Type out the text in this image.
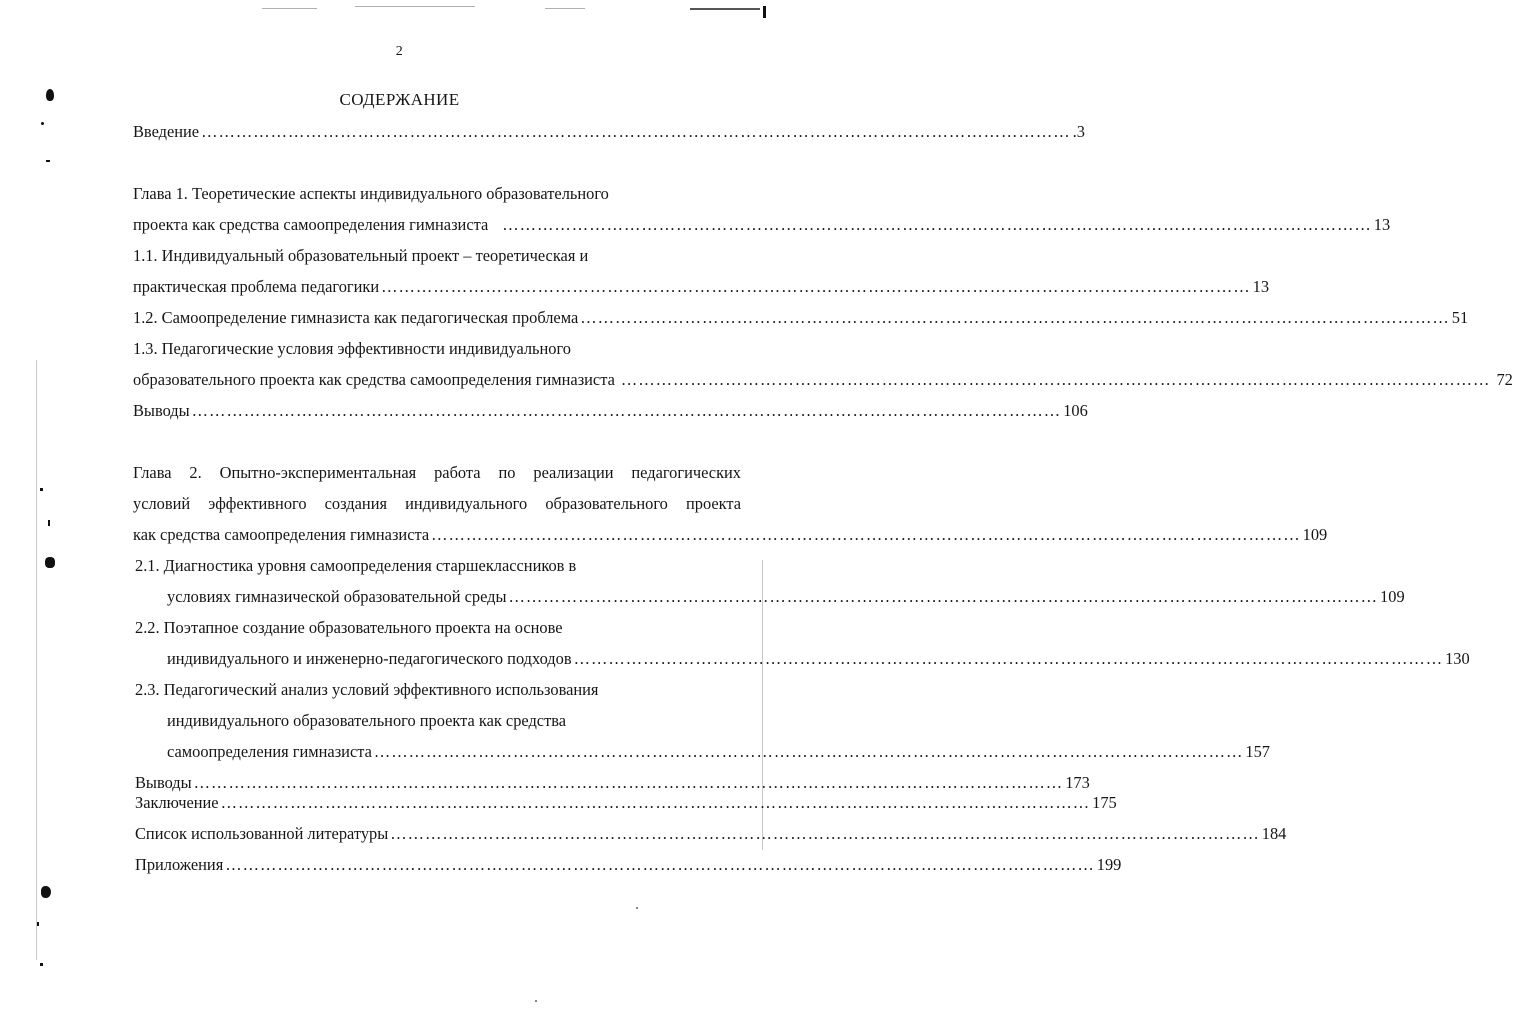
2
СОДЕРЖАНИЕ
Введение …………………………………………………………………………………………………………………………………… .3
Глава 1. Теоретические аспекты индивидуального образовательного
проекта как средства самоопределения гимназиста …………………………………………………………………………………………………………………………………… 13
1.1. Индивидуальный образовательный проект – теоретическая и
практическая проблема педагогики …………………………………………………………………………………………………………………………………… 13
1.2. Самоопределение гимназиста как педагогическая проблема …………………………………………………………………………………………………………………………………… 51
1.3. Педагогические условия эффективности индивидуального
образовательного проекта как средства самоопределения гимназиста …………………………………………………………………………………………………………………………………… 72
Выводы …………………………………………………………………………………………………………………………………… 106
Глава 2. Опытно-экспериментальная работа по реализации педагогических
условий эффективного создания индивидуального образовательного проекта
как средства самоопределения гимназиста …………………………………………………………………………………………………………………………………… 109
2.1. Диагностика уровня самоопределения старшеклассников в
условиях гимназической образовательной среды …………………………………………………………………………………………………………………………………… 109
2.2. Поэтапное создание образовательного проекта на основе
индивидуального и инженерно-педагогического подходов …………………………………………………………………………………………………………………………………… 130
2.3. Педагогический анализ условий эффективного использования
индивидуального образовательного проекта как средства
самоопределения гимназиста …………………………………………………………………………………………………………………………………… 157
Выводы …………………………………………………………………………………………………………………………………… 173
Заключение …………………………………………………………………………………………………………………………………… 175
Список использованной литературы …………………………………………………………………………………………………………………………………… 184
Приложения …………………………………………………………………………………………………………………………………… 199
